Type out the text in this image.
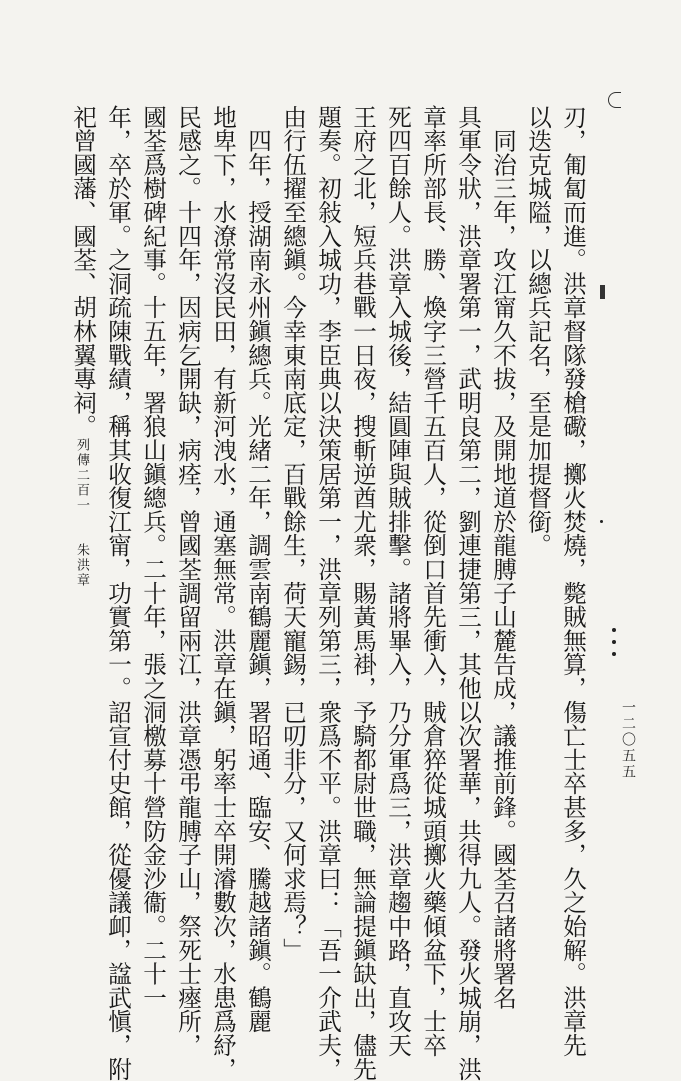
刃，匍匐而進。洪章督隊發槍礮，擲火焚燒，斃賊無算，傷亡士卒甚多，久之始解。洪章先
以迭克城隘，以總兵記名，至是加提督銜。
　同治三年，攻江甯久不拔，及開地道於龍膊子山麓告成，議推前鋒。國荃召諸將署名
具軍令狀，洪章署第一，武明良第二，劉連捷第三，其他以次署華，共得九人。發火城崩，洪
章率所部長、勝、煥字三營千五百人，從倒口首先衝入，賊倉猝從城頭擲火藥傾盆下，士卒
死四百餘人。洪章入城後，結圓陣與賊排擊。諸將畢入，乃分軍爲三，洪章趨中路，直攻天
王府之北，短兵巷戰一日夜，搜斬逆酋尤衆，賜黃馬褂，予騎都尉世職，無論提鎭缺出，儘先
題奏。初敍入城功，李臣典以決策居第一，洪章列第三，衆爲不平。洪章曰：「吾一介武夫，
由行伍擢至總鎭。今幸東南底定，百戰餘生，荷天寵錫，已叨非分，又何求焉？」
　四年，授湖南永州鎭總兵。光緒二年，調雲南鶴麗鎭，署昭通、臨安、騰越諸鎭。鶴麗
地卑下，水潦常沒民田，有新河洩水，通塞無常。洪章在鎭，躬率士卒開濬數次，水患爲紓，
民感之。十四年，因病乞開缺，病痊，曾國荃調留兩江，洪章憑弔龍膊子山，祭死士瘞所，
國荃爲樹碑紀事。十五年，署狼山鎭總兵。二十年，張之洞檄募十營防金沙衞。二十一
年，卒於軍。之洞疏陳戰績，稱其收復江甯，功實第一。詔宣付史館，從優議卹，諡武愼，附
祀曾國藩、國荃、胡林翼專祠。
列傳二百一　　朱洪章
一二〇五五
